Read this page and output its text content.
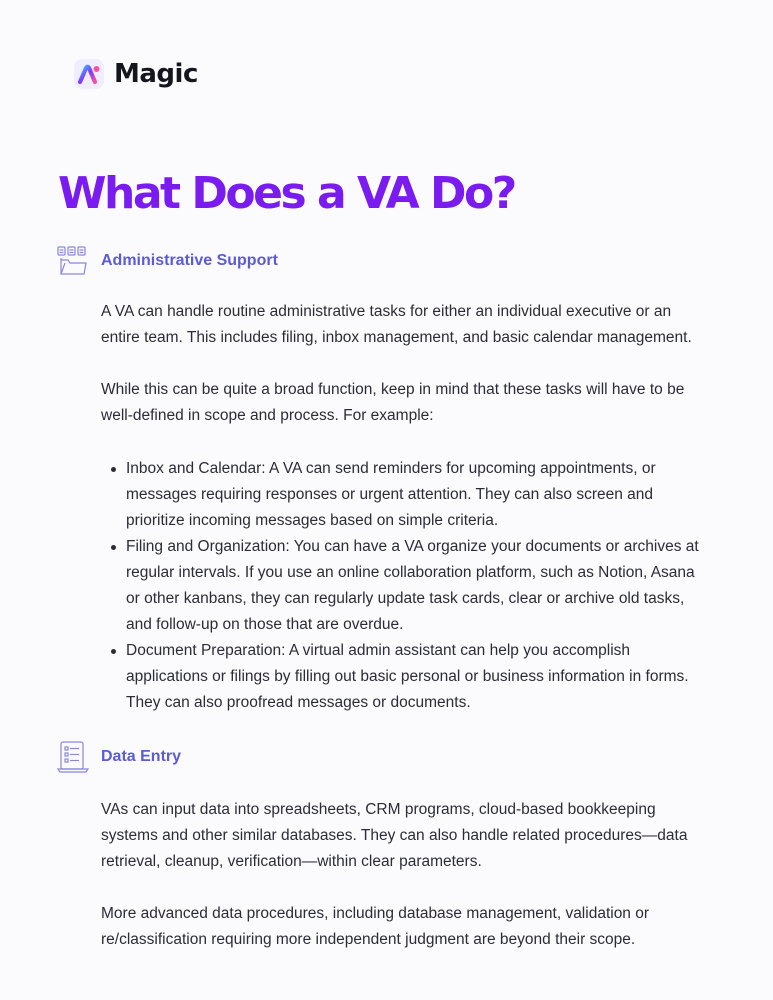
Magic
What Does a VA Do?
Administrative Support

A VA can handle routine administrative tasks for either an individual executive or an entire team. This includes filing, inbox management, and basic calendar management.

While this can be quite a broad function, keep in mind that these tasks will have to be well-defined in scope and process. For example:

Inbox and Calendar: A VA can send reminders for upcoming appointments, or messages requiring responses or urgent attention. They can also screen and prioritize incoming messages based on simple criteria.
Filing and Organization: You can have a VA organize your documents or archives at regular intervals. If you use an online collaboration platform, such as Notion, Asana or other kanbans, they can regularly update task cards, clear or archive old tasks, and follow-up on those that are overdue.
Document Preparation: A virtual admin assistant can help you accomplish applications or filings by filling out basic personal or business information in forms. They can also proofread messages or documents.
Data Entry

VAs can input data into spreadsheets, CRM programs, cloud-based bookkeeping systems and other similar databases. They can also handle related procedures—data retrieval, cleanup, verification—within clear parameters.

More advanced data procedures, including database management, validation or re/classification requiring more independent judgment are beyond their scope.
